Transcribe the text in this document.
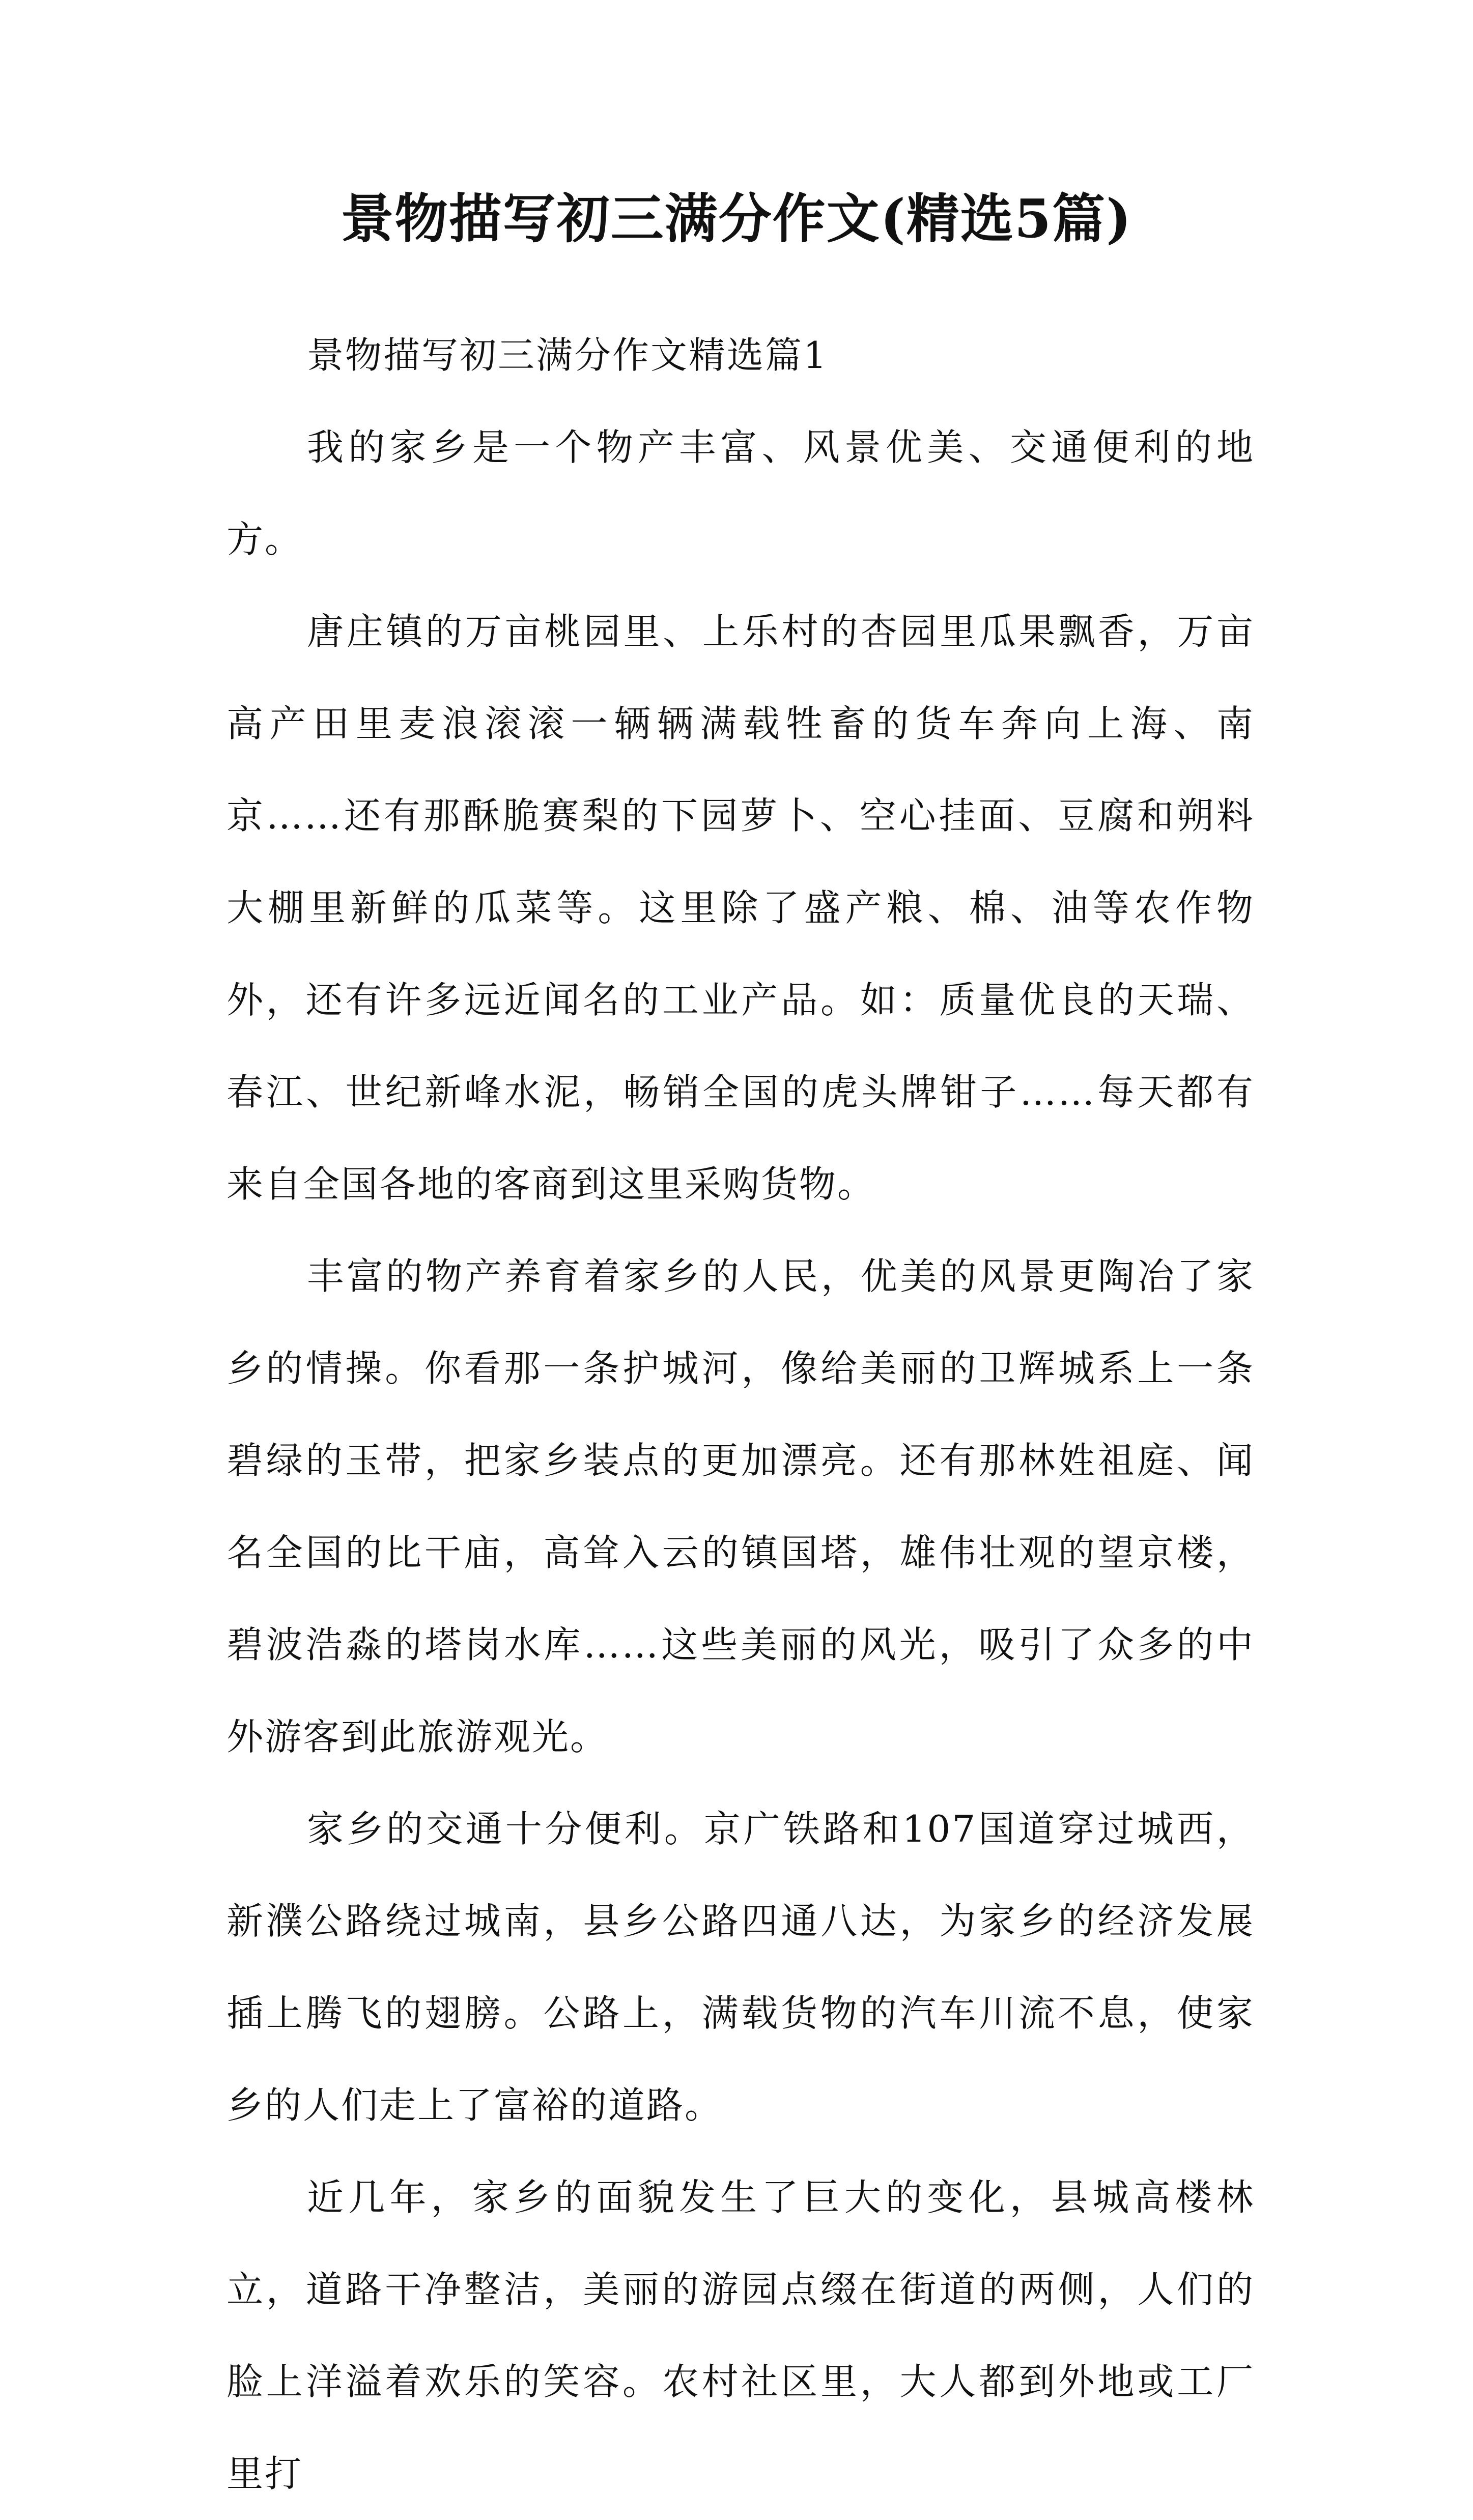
景物描写初三满分作文(精选5篇)

景物描写初三满分作文精选篇1

我的家乡是一个物产丰富、风景优美、交通便利的地方。

唐庄镇的万亩桃园里、上乐村的杏园里瓜果飘香，万亩高产田里麦浪滚滚一辆辆满载牲畜的货车奔向上海、南京……还有那酥脆赛梨的下园萝卜、空心挂面、豆腐和朔料大棚里新鲜的瓜菜等。这里除了盛产粮、棉、油等农作物外，还有许多远近闻名的工业产品。如：质量优良的天瑞、春江、世纪新峰水泥，畅销全国的虎头牌钳子……每天都有来自全国各地的客商到这里采购货物。

丰富的物产养育着家乡的人民，优美的风景更陶冶了家乡的情操。你看那一条护城河，像给美丽的卫辉城系上一条碧绿的玉带，把家乡装点的更加漂亮。还有那林姓祖庭、闻名全国的比干庙，高耸入云的镇国塔，雄伟壮观的望京楼，碧波浩淼的塔岗水库……这些美丽的风光，吸引了众多的中外游客到此旅游观光。

家乡的交通十分便利。京广铁路和107国道穿过城西，新濮公路绕过城南，县乡公路四通八达，为家乡的经济发展插上腾飞的翅膀。公路上，满载货物的汽车川流不息，使家乡的人们走上了富裕的道路。

近几年，家乡的面貌发生了巨大的变化，县城高楼林立，道路干净整洁，美丽的游园点缀在街道的两侧，人们的脸上洋溢着欢乐的笑容。农村社区里，大人都到外地或工厂里打
